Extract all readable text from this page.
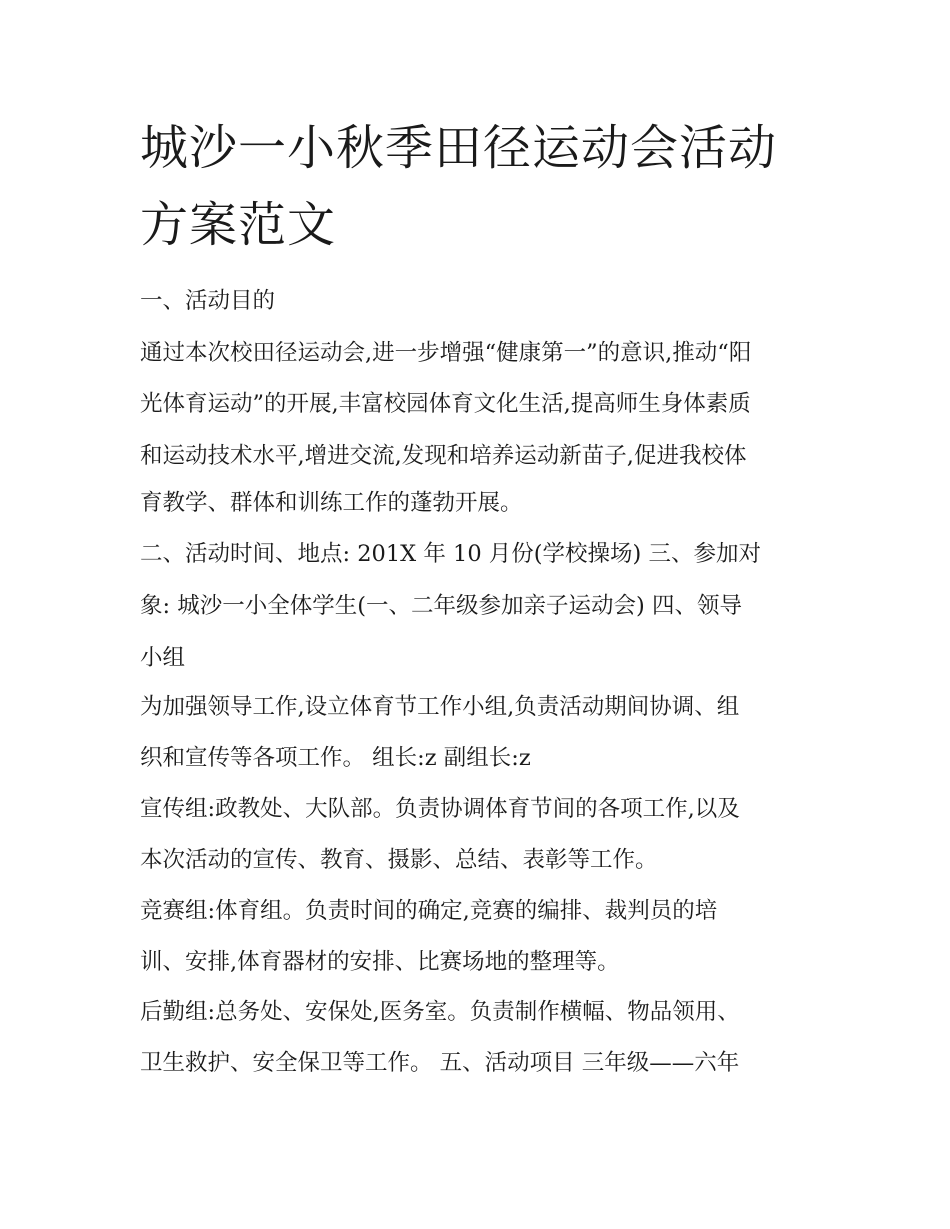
城沙一小秋季田径运动会活动
方案范文

一、活动目的

通过本次校田径运动会,进一步增强“健康第一”的意识,推动“阳

光体育运动”的开展,丰富校园体育文化生活,提高师生身体素质

和运动技术水平,增进交流,发现和培养运动新苗子,促进我校体

育教学、群体和训练工作的蓬勃开展。

二、活动时间、地点: 201X 年 10 月份(学校操场) 三、参加对

象: 城沙一小全体学生(一、二年级参加亲子运动会) 四、领导

小组

为加强领导工作,设立体育节工作小组,负责活动期间协调、组

织和宣传等各项工作。 组长:z 副组长:z

宣传组:政教处、大队部。负责协调体育节间的各项工作,以及

本次活动的宣传、教育、摄影、总结、表彰等工作。

竞赛组:体育组。负责时间的确定,竞赛的编排、裁判员的培

训、安排,体育器材的安排、比赛场地的整理等。

后勤组:总务处、安保处,医务室。负责制作横幅、物品领用、

卫生救护、安全保卫等工作。 五、活动项目 三年级——六年
